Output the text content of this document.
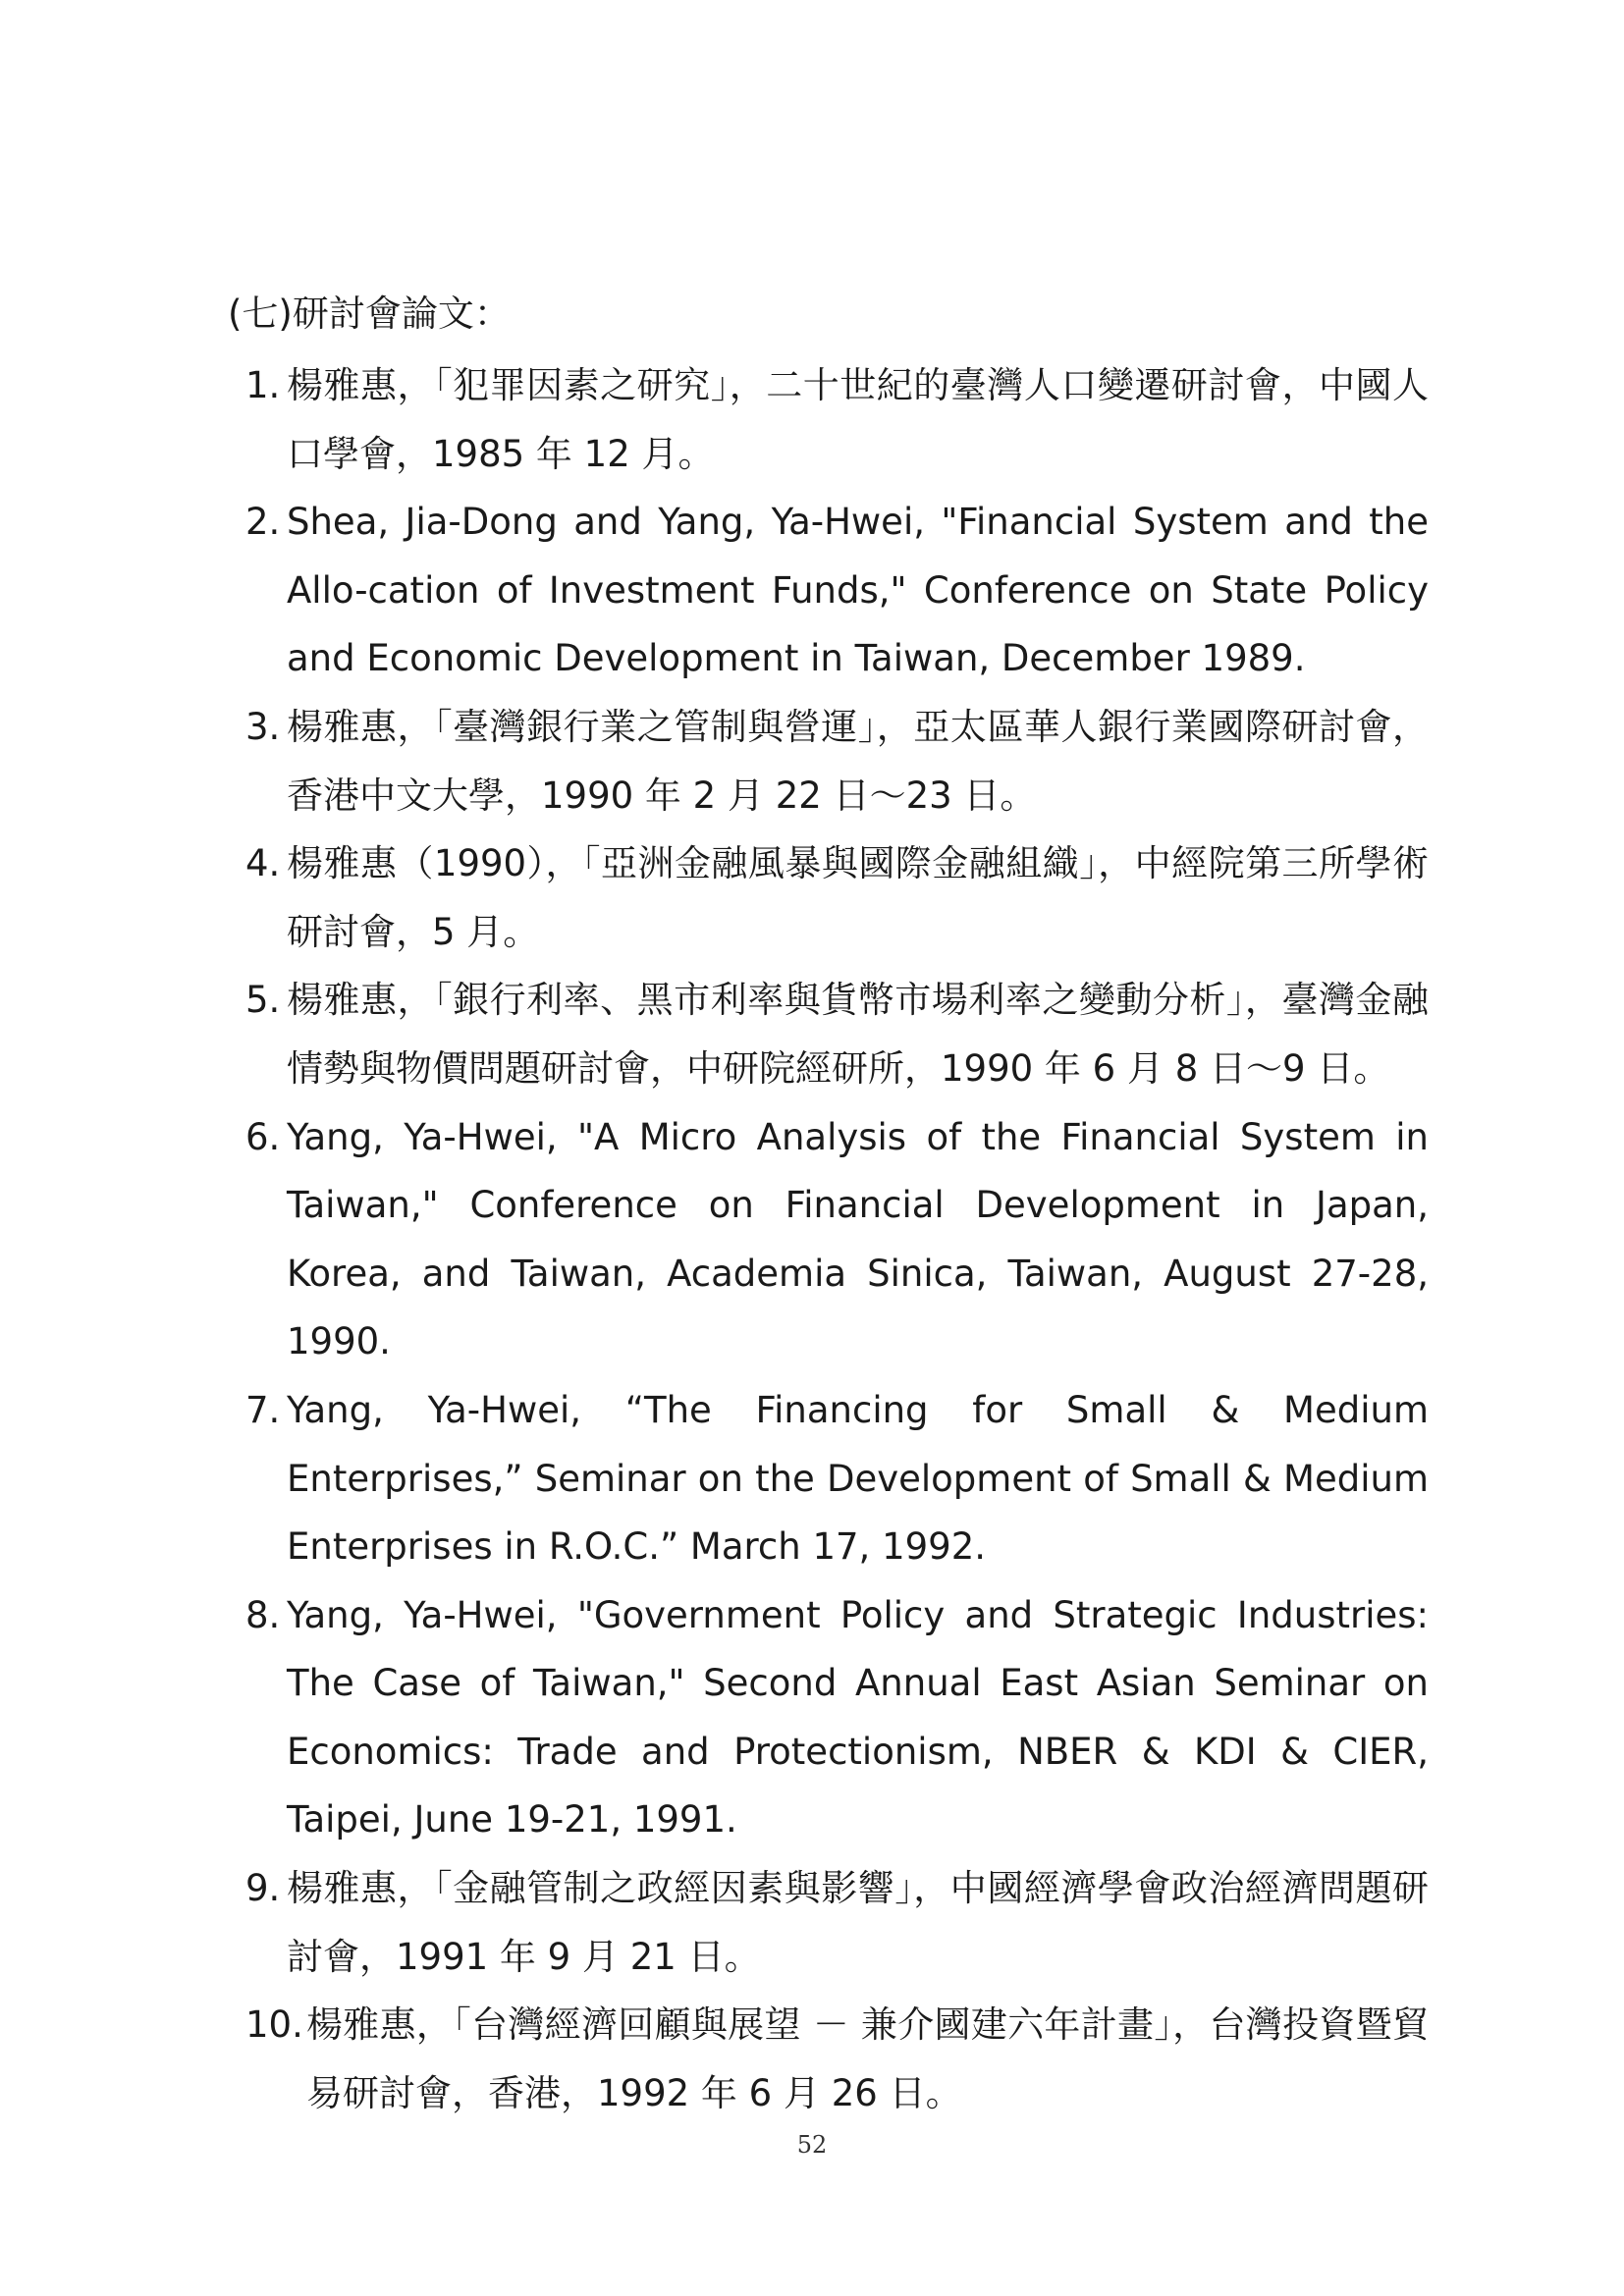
(七)研討會論文：
1. 楊雅惠，「犯罪因素之研究」，二十世紀的臺灣人口變遷研討會，中國人口學會，1985 年 12 月。
2. Shea, Jia-Dong and Yang, Ya-Hwei, "Financial System and the Allo-cation of Investment Funds," Conference on State Policy and Economic Development in Taiwan, December 1989.
3. 楊雅惠，「臺灣銀行業之管制與營運」，亞太區華人銀行業國際研討會，香港中文大學，1990 年 2 月 22 日～23 日。
4. 楊雅惠（1990），「亞洲金融風暴與國際金融組織」，中經院第三所學術研討會，5 月。
5. 楊雅惠，「銀行利率、黑市利率與貨幣市場利率之變動分析」，臺灣金融情勢與物價問題研討會，中研院經研所，1990 年 6 月 8 日～9 日。
6. Yang, Ya-Hwei, "A Micro Analysis of the Financial System in Taiwan," Conference on Financial Development in Japan, Korea, and Taiwan, Academia Sinica, Taiwan, August 27-28, 1990.
7. Yang, Ya-Hwei, “The Financing for Small & Medium Enterprises,” Seminar on the Development of Small & Medium Enterprises in R.O.C.” March 17, 1992.
8. Yang, Ya-Hwei, "Government Policy and Strategic Industries: The Case of Taiwan," Second Annual East Asian Seminar on Economics: Trade and Protectionism, NBER & KDI & CIER, Taipei, June 19-21, 1991.
9. 楊雅惠，「金融管制之政經因素與影響」，中國經濟學會政治經濟問題研討會，1991 年 9 月 21 日。
10. 楊雅惠，「台灣經濟回顧與展望 － 兼介國建六年計畫」，台灣投資暨貿易研討會，香港，1992 年 6 月 26 日。
52
